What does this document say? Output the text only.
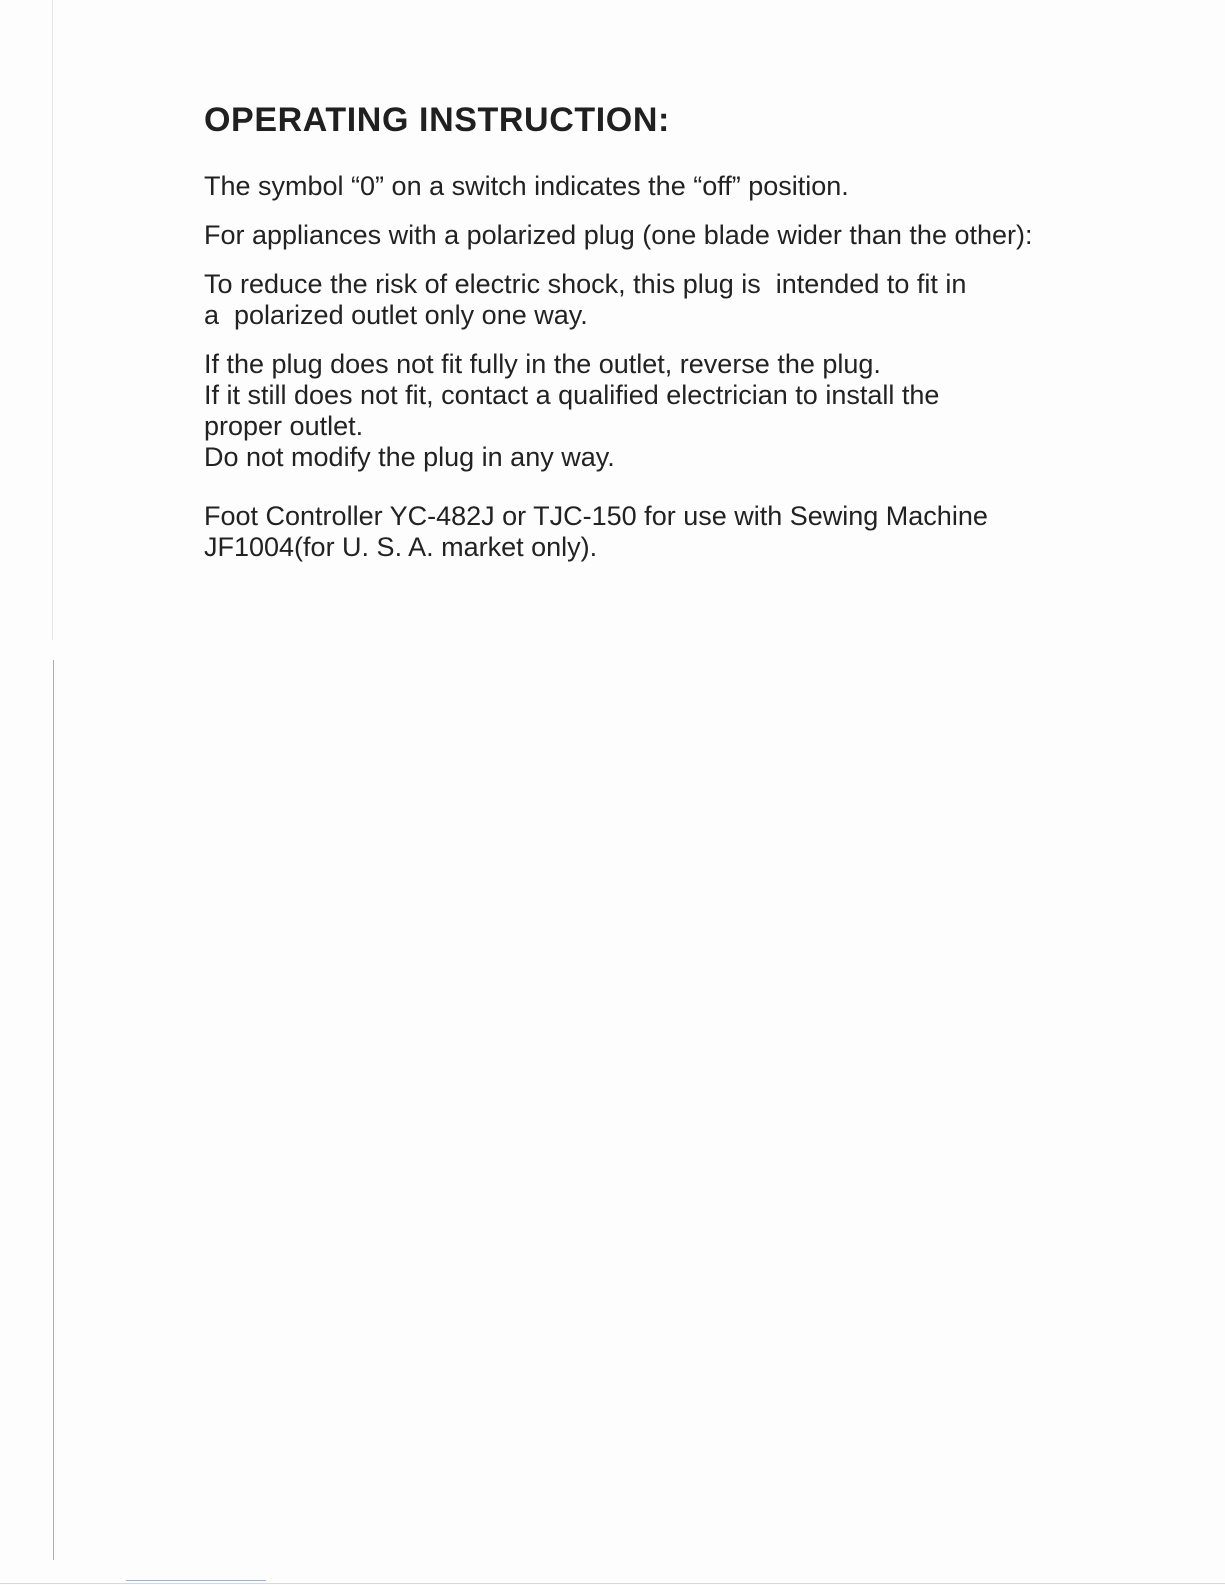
OPERATING INSTRUCTION:

The symbol “0” on a switch indicates the “off” position.

For appliances with a polarized plug (one blade wider than the other):

To reduce the risk of electric shock, this plug is  intended to fit in
a  polarized outlet only one way.

If the plug does not fit fully in the outlet, reverse the plug.
If it still does not fit, contact a qualified electrician to install the
proper outlet.
Do not modify the plug in any way.

Foot Controller YC-482J or TJC-150 for use with Sewing Machine
JF1004(for U. S. A. market only).
